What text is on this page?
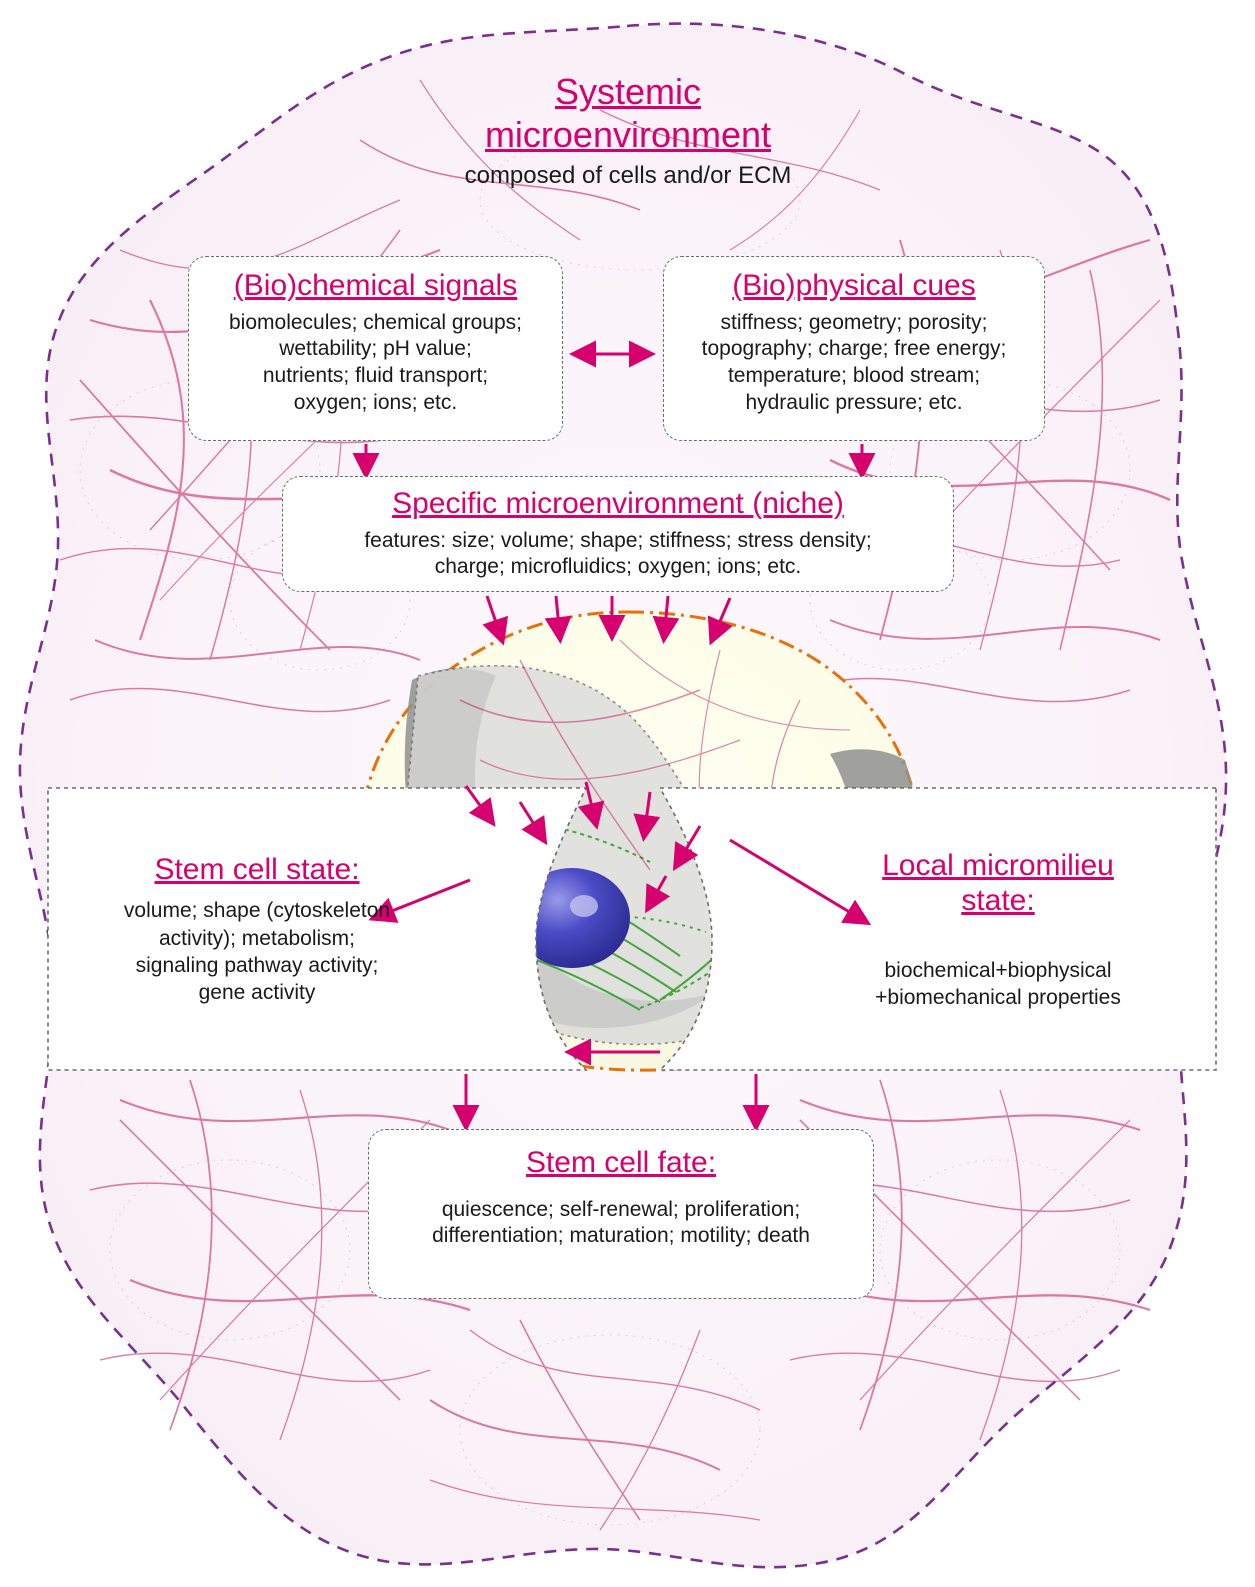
Systemic
microenvironment
composed of cells and/or ECM
(Bio)chemical signals
biomolecules; chemical groups;
wettability; pH value;
nutrients; fluid transport;
oxygen; ions; etc.
(Bio)physical cues
stiffness; geometry; porosity;
topography; charge; free energy;
temperature; blood stream;
hydraulic pressure; etc.
Specific microenvironment (niche)
features: size; volume; shape; stiffness; stress density;
charge; microfluidics; oxygen; ions; etc.
Stem cell state:
volume; shape (cytoskeleton
activity); metabolism;
signaling pathway activity;
gene activity
Local micromilieu
state:
biochemical+biophysical
+biomechanical properties
Stem cell fate:
quiescence; self-renewal; proliferation;
differentiation; maturation; motility; death
